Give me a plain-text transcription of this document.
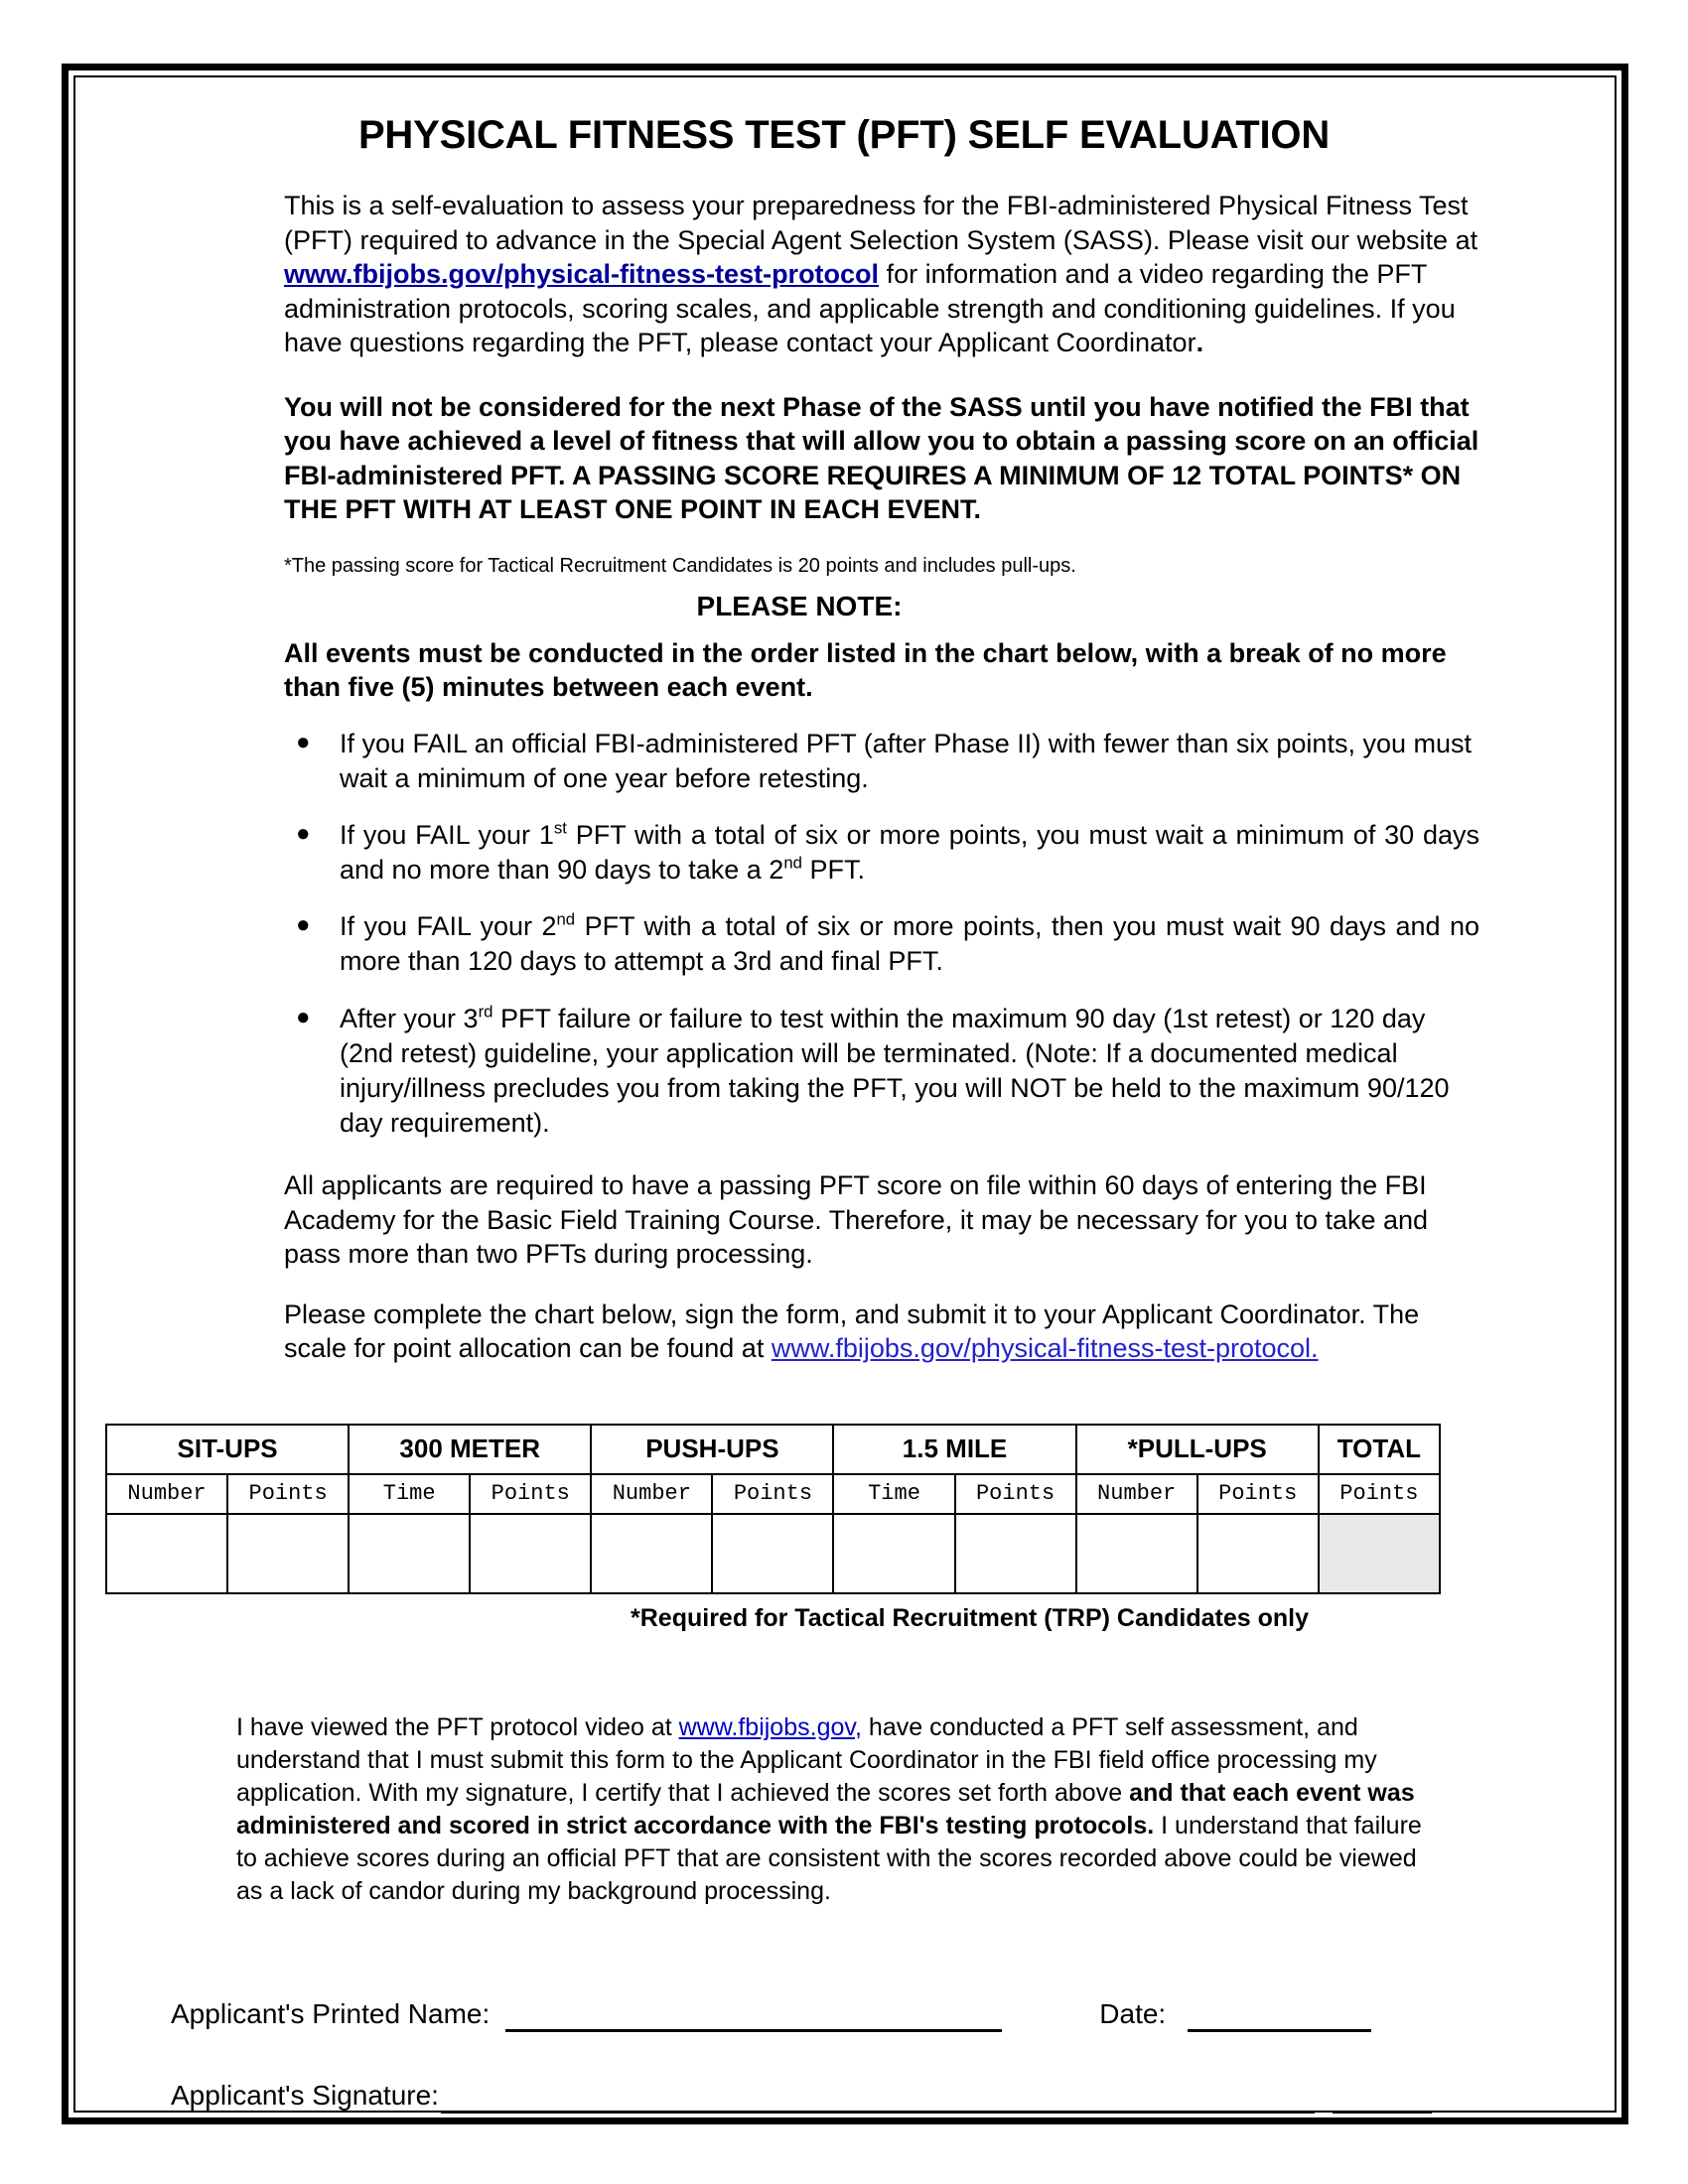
PHYSICAL FITNESS TEST (PFT) SELF EVALUATION

This is a self-evaluation to assess your preparedness for the FBI-administered Physical Fitness Test (PFT) required to advance in the Special Agent Selection System (SASS). Please visit our website at www.fbijobs.gov/physical-fitness-test-protocol for information and a video regarding the PFT administration protocols, scoring scales, and applicable strength and conditioning guidelines. If you have questions regarding the PFT, please contact your Applicant Coordinator.

You will not be considered for the next Phase of the SASS until you have notified the FBI that you have achieved a level of fitness that will allow you to obtain a passing score on an official FBI-administered PFT. A PASSING SCORE REQUIRES A MINIMUM OF 12 TOTAL POINTS* ON THE PFT WITH AT LEAST ONE POINT IN EACH EVENT.

*The passing score for Tactical Recruitment Candidates is 20 points and includes pull-ups.

PLEASE NOTE:

All events must be conducted in the order listed in the chart below, with a break of no more than five (5) minutes between each event.

● If you FAIL an official FBI-administered PFT (after Phase II) with fewer than six points, you must wait a minimum of one year before retesting.
● If you FAIL your 1st PFT with a total of six or more points, you must wait a minimum of 30 days and no more than 90 days to take a 2nd PFT.
● If you FAIL your 2nd PFT with a total of six or more points, then you must wait 90 days and no more than 120 days to attempt a 3rd and final PFT.
● After your 3rd PFT failure or failure to test within the maximum 90 day (1st retest) or 120 day (2nd retest) guideline, your application will be terminated. (Note: If a documented medical injury/illness precludes you from taking the PFT, you will NOT be held to the maximum 90/120 day requirement).

All applicants are required to have a passing PFT score on file within 60 days of entering the FBI Academy for the Basic Field Training Course. Therefore, it may be necessary for you to take and pass more than two PFTs during processing.

Please complete the chart below, sign the form, and submit it to your Applicant Coordinator. The scale for point allocation can be found at www.fbijobs.gov/physical-fitness-test-protocol.

SIT-UPS		300 METER		PUSH-UPS		1.5 MILE		*PULL-UPS		TOTAL
Number	Points	Time	Points	Number	Points	Time	Points	Number	Points	Points

*Required for Tactical Recruitment (TRP) Candidates only

I have viewed the PFT protocol video at www.fbijobs.gov, have conducted a PFT self assessment, and understand that I must submit this form to the Applicant Coordinator in the FBI field office processing my application. With my signature, I certify that I achieved the scores set forth above and that each event was administered and scored in strict accordance with the FBI's testing protocols. I understand that failure to achieve scores during an official PFT that are consistent with the scores recorded above could be viewed as a lack of candor during my background processing.

Applicant's Printed Name:	Date:
Applicant's Signature:
